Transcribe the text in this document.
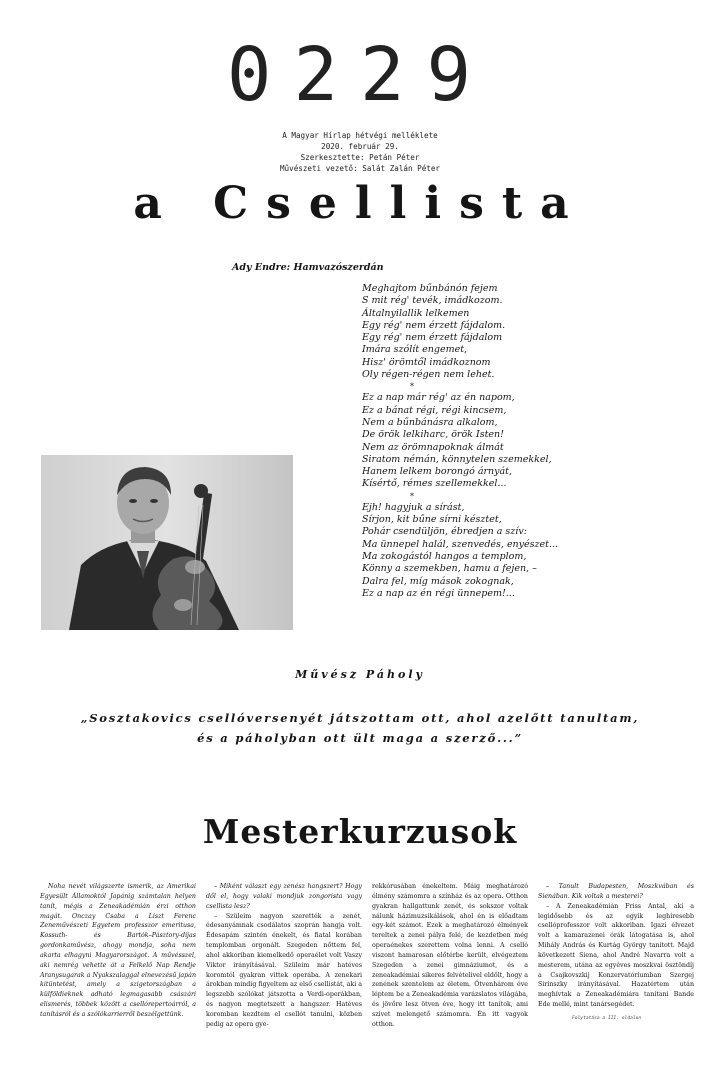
0229
A Magyar Hírlap hétvégi melléklete
2020. február 29.
Szerkesztette: Petán Péter
Művészeti vezető: Salát Zalán Péter
a Csellista
Ady Endre: Hamvazószerdán
Meghajtom bűnbánón fejem
S mit rég' tevék, imádkozom.
Általnyilallik lelkemen
Egy rég' nem érzett fájdalom.
Egy rég' nem érzett fájdalom
Imára szólít engemet,
Hisz' örömtől imádkoznom
Oly régen-régen nem lehet.
*
Ez a nap már rég' az én napom,
Ez a bánat régi, régi kincsem,
Nem a bűnbánásra alkalom,
De örök lelkiharc, örök Isten!
Nem az örömnapoknak álmát
Siratom némán, könnytelen szemekkel,
Hanem lelkem borongó árnyát,
Kísértő, rémes szellemekkel...
*
Ejh! hagyjuk a sírást,
Sírjon, kit bűne sírni késztet,
Pohár csendüljön, ébredjen a szív:
Ma ünnepel halál, szenvedés, enyészet...
Ma zokogástól hangos a templom,
Könny a szemekben, hamu a fejen, –
Dalra fel, míg mások zokognak,
Ez a nap az én régi ünnepem!...
Művész Páholy
„Sosztakovics csellóversenyét játszottam ott, ahol azelőtt tanultam,
és a páholyban ott ült maga a szerző...”
Mesterkurzusok

Noha nevét világszerte ismerik, az Amerikai Egyesült Államoktól Japánig számtalan helyen tanít, mégis a Zeneakadémián érzi otthon magát. Onczay Csaba a Liszt Ferenc Zeneművészeti Egyetem professzor emeritusa, Kossuth- és Bartók–Pásztory-díjas gordonkaművész, ahogy mondja, soha nem akarta elhagyni Magyarországot. A művésszel, aki nemrég vehette át a Felkelő Nap Rendje Aranysugarak a Nyakszalaggal elnevezésű japán kitüntetést, amely a szigetországban a külföldieknek adható legmagasabb császári elismerés, többek között a csellórepertoárról, a tanításról és a szólókarrierről beszélgettünk.

– Miként választ egy zenész hangszert? Hogy dől el, hogy valaki mondjuk zongorista vagy csellista lesz?

– Szüleim nagyon szerették a zenét, édesanyámnak csodálatos szoprán hangja volt. Édesapám szintén énekelt, és fiatal korában templomban orgonált. Szegeden nőttem fel, ahol akkoriban kiemelkedő operaélet volt Vaszy Viktor irányításával. Szüleim már hatéves koromtól gyakran vittek operába. A zenekari árokban mindig figyeltem az első csellistát, aki a legszebb szólókat játszotta a Verdi-operákban, és nagyon megtetszett a hangszer. Hatéves koromban kezdtem el csellót tanulni, közben pedig az opera gye-

rekkórusában énekeltem. Máig meghatározó élmény számomra a színház és az opera. Otthon gyakran hallgattunk zenét, és sokszor voltak nálunk házimuzsikálások, ahol én is előadtam egy-két számot. Ezek a meghatározó élmények tereltek a zenei pálya felé, de kezdetben még operaénekes szerettem volna lenni. A cselló viszont hamarosan előtérbe került, elvégeztem Szegeden a zenei gimnáziumot, és a zeneakadémiai sikeres felvételivel eldőlt, hogy a zenének szentelem az életem. Ötvenhárom éve léptem be a Zeneakadémia varázslatos világába, és jövőre lesz ötven éve, hogy itt tanítok, ami szívet melengető számomra. Én itt vagyok otthon.

– Tanult Budapesten, Moszkvában és Sienában. Kik voltak a mesterei?

– A Zeneakadémián Friss Antal, aki a legidősebb és az egyik leghíresebb csellóprofesszor volt akkoriban. Igazi élvezet volt a kamarazenei órák látogatása is, ahol Mihály András és Kurtág György tanított. Majd következett Siena, ahol André Navarra volt a mesterem, utána az egyéves moszkvai ösztöndíj a Csajkovszkij Konzervatóriumban Szergej Sirinszky irányításával. Hazatértem után meghívtak a Zeneakadémiára tanítani Bande Ede mellé, mint tanársegédet.

Folytatása a III. oldalon
